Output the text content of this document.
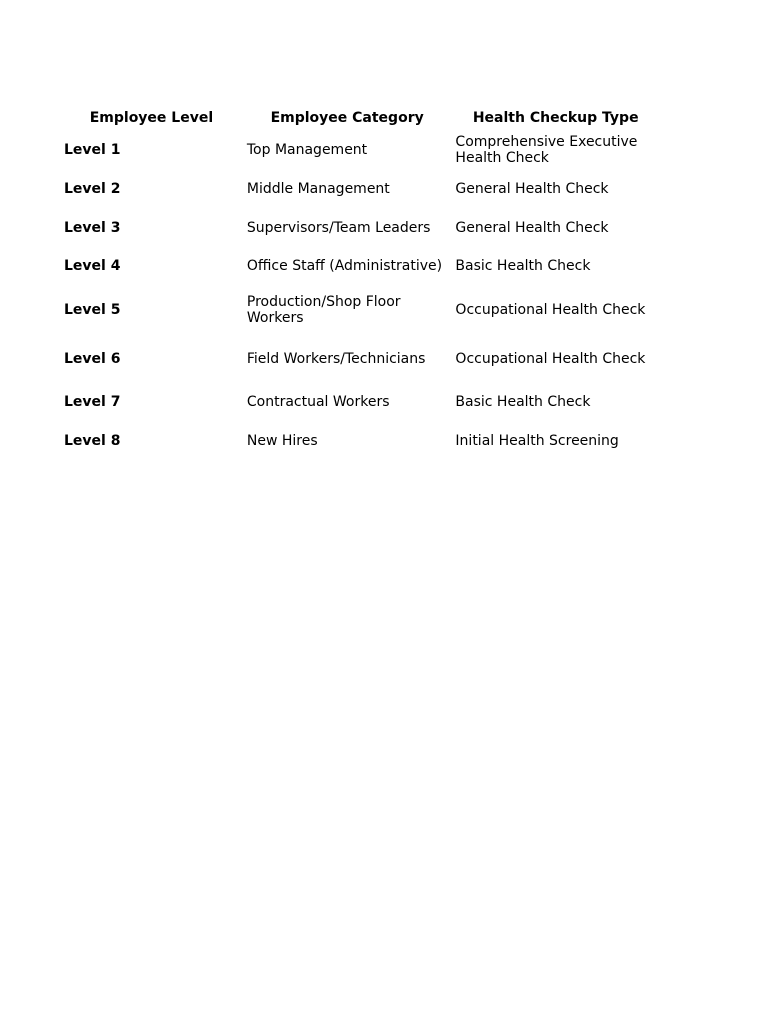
Employee Level	Employee Category	Health Checkup Type
Level 1	Top Management	Comprehensive Executive Health Check
Level 2	Middle Management	General Health Check
Level 3	Supervisors/Team Leaders	General Health Check
Level 4	Office Staff (Administrative)	Basic Health Check
Level 5	Production/Shop Floor Workers	Occupational Health Check
Level 6	Field Workers/Technicians	Occupational Health Check
Level 7	Contractual Workers	Basic Health Check
Level 8	New Hires	Initial Health Screening
